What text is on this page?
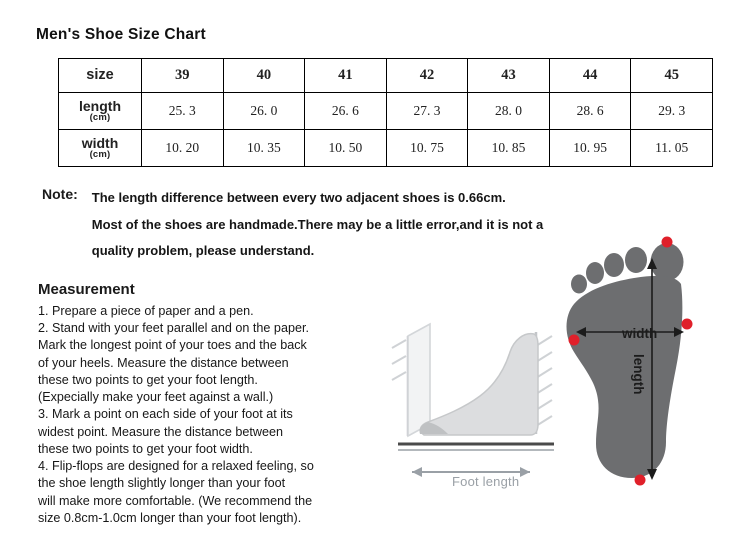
Men's Shoe Size Chart
size	39	40	41	42	43	44	45
length
(cm)	25. 3	26. 0	26. 6	27. 3	28. 0	28. 6	29. 3
width
(cm)	10. 20	10. 35	10. 50	10. 75	10. 85	10. 95	11. 05
Note: The length difference between every two adjacent shoes is 0.66cm.
Most of the shoes are handmade.There may be a little error,and it is not a
quality problem, please understand.
Measurement

1. Prepare a piece of paper and a pen.

2. Stand with your feet parallel and on the paper.

Mark the longest point of your toes and the back

of your heels. Measure the distance between

these two points to get your foot length.

(Expecially make your feet against a wall.)

3. Mark a point on each side of your foot at its

widest point. Measure the distance between

these two points to get your foot width.

4. Flip-flops are designed for a relaxed feeling, so

the shoe length slightly longer than your foot

will make more comfortable. (We recommend the

size 0.8cm-1.0cm longer than your foot length).

Foot length
width
length
